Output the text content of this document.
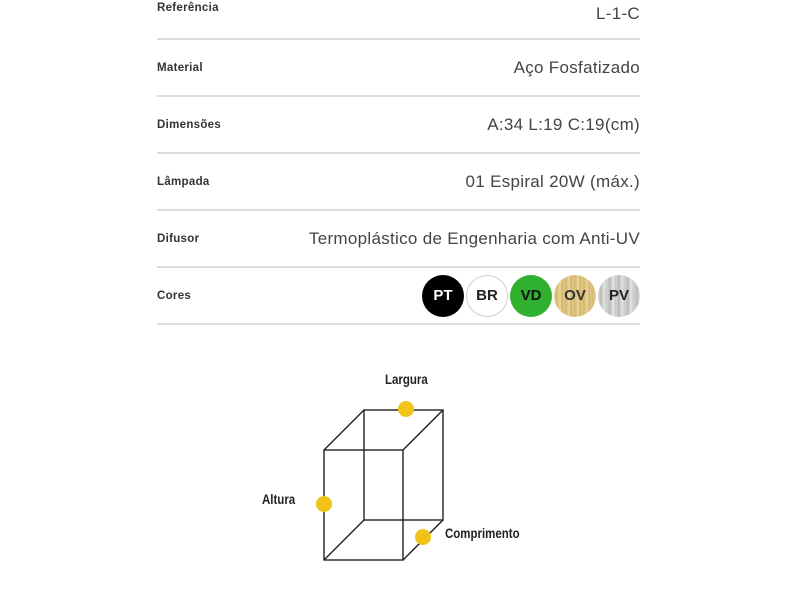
Referência	L-1-C
Material	Aço Fosfatizado
Dimensões	A:34 L:19 C:19(cm)
Lâmpada	01 Espiral 20W (máx.)
Difusor	Termoplástico de Engenharia com Anti-UV
Cores	PT	BR	VD	OV	PV
Largura
Altura
Comprimento
